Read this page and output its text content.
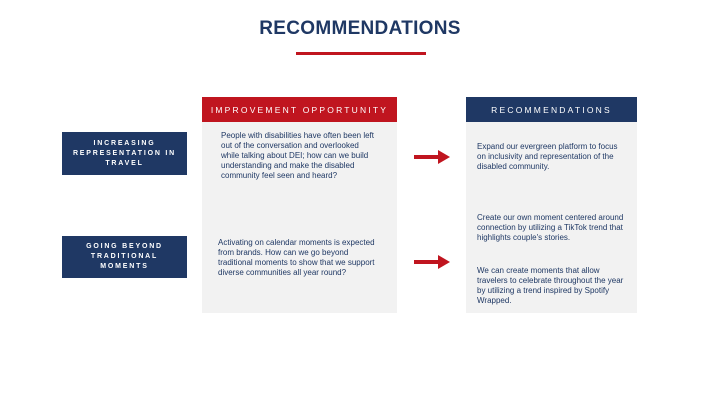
RECOMMENDATIONS
IMPROVEMENT OPPORTUNITY	RECOMMENDATIONS
INCREASING REPRESENTATION IN TRAVEL
GOING BEYOND TRADITIONAL MOMENTS
People with disabilities have often been left out of the conversation and overlooked while talking about DEI; how can we build understanding and make the disabled community feel seen and heard?
Activating on calendar moments is expected from brands. How can we go beyond traditional moments to show that we support diverse communities all year round?
Expand our evergreen platform to focus on inclusivity and representation of the disabled community.
Create our own moment centered around connection by utilizing a TikTok trend that highlights couple's stories.
We can create moments that allow travelers to celebrate throughout the year by utilizing a trend inspired by Spotify Wrapped.
